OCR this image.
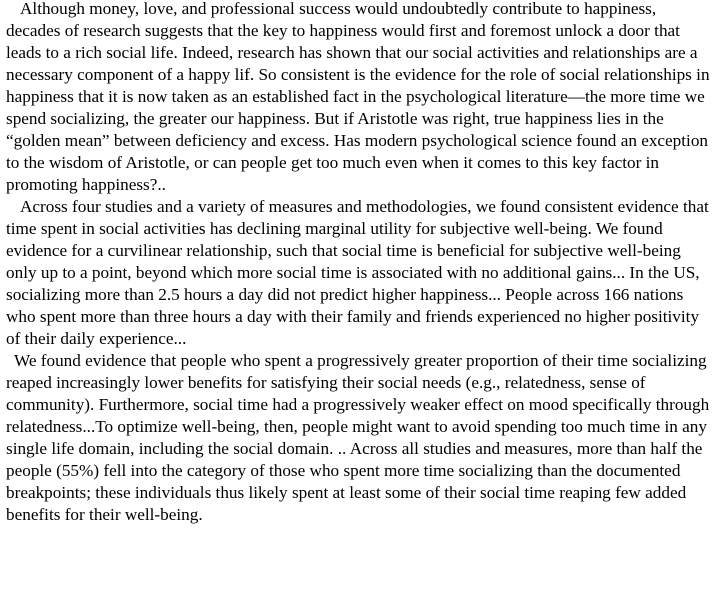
Although money, love, and professional success would undoubtedly contribute to happiness, decades of research suggests that the key to happiness would first and foremost unlock a door that leads to a rich social life. Indeed, research has shown that our social activities and relationships are a necessary component of a happy lif. So consistent is the evidence for the role of social relationships in happiness that it is now taken as an established fact in the psychological literature—the more time we spend socializing, the greater our happiness. But if Aristotle was right, true happiness lies in the “golden mean” between deficiency and excess. Has modern psychological science found an exception to the wisdom of Aristotle, or can people get too much even when it comes to this key factor in promoting happiness?..

Across four studies and a variety of measures and methodologies, we found consistent evidence that time spent in social activities has declining marginal utility for subjective well-being. We found evidence for a curvilinear relationship, such that social time is beneficial for subjective well-being only up to a point, beyond which more social time is associated with no additional gains... In the US, socializing more than 2.5 hours a day did not predict higher happiness... People across 166 nations who spent more than three hours a day with their family and friends experienced no higher positivity of their daily experience...

We found evidence that people who spent a progressively greater proportion of their time socializing reaped increasingly lower benefits for satisfying their social needs (e.g., relatedness, sense of community). Furthermore, social time had a progressively weaker effect on mood specifically through relatedness...To optimize well-being, then, people might want to avoid spending too much time in any single life domain, including the social domain. .. Across all studies and measures, more than half the people (55%) fell into the category of those who spent more time socializing than the documented breakpoints; these individuals thus likely spent at least some of their social time reaping few added benefits for their well-being.
